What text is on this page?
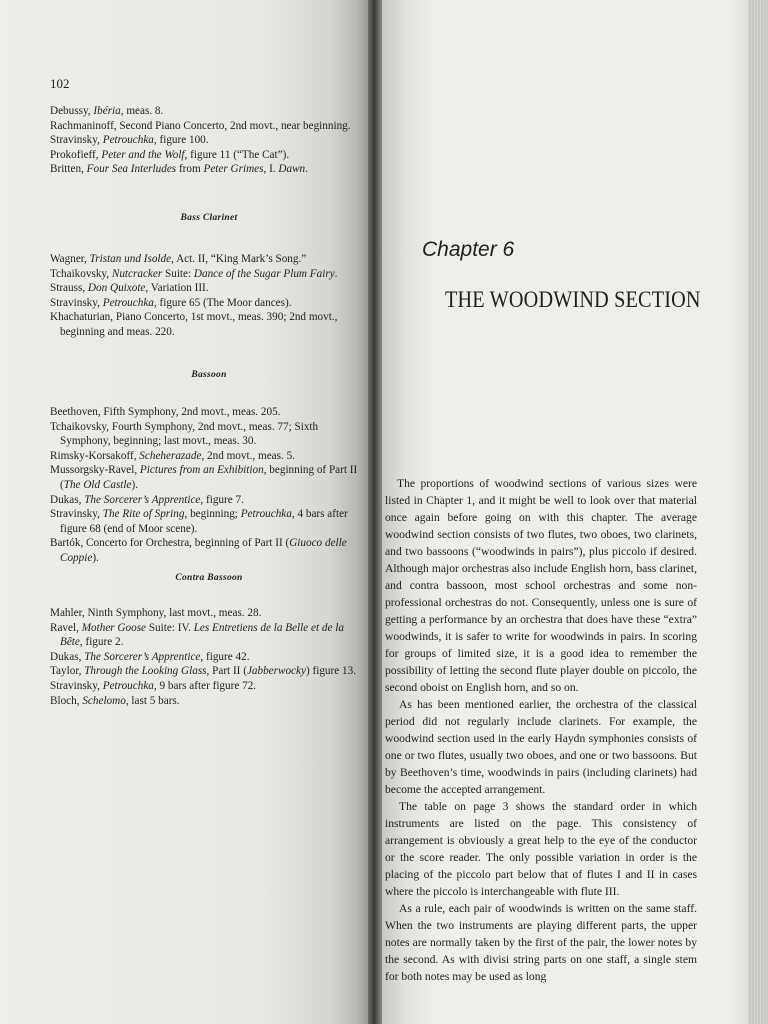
102

Debussy, Ibéria, meas. 8.

Rachmaninoff, Second Piano Concerto, 2nd movt., near beginning.

Stravinsky, Petrouchka, figure 100.

Prokofieff, Peter and the Wolf, figure 11 (“The Cat”).

Britten, Four Sea Interludes from Peter Grimes, I. Dawn.

Bass Clarinet

Wagner, Tristan und Isolde, Act. II, “King Mark’s Song.”

Tchaikovsky, Nutcracker Suite: Dance of the Sugar Plum Fairy.

Strauss, Don Quixote, Variation III.

Stravinsky, Petrouchka, figure 65 (The Moor dances).

Khachaturian, Piano Concerto, 1st movt., meas. 390; 2nd movt., beginning and meas. 220.

Bassoon

Beethoven, Fifth Symphony, 2nd movt., meas. 205.

Tchaikovsky, Fourth Symphony, 2nd movt., meas. 77; Sixth Symphony, beginning; last movt., meas. 30.

Rimsky-Korsakoff, Scheherazade, 2nd movt., meas. 5.

Mussorgsky-Ravel, Pictures from an Exhibition, beginning of Part II (The Old Castle).

Dukas, The Sorcerer’s Apprentice, figure 7.

Stravinsky, The Rite of Spring, beginning; Petrouchka, 4 bars after figure 68 (end of Moor scene).

Bartók, Concerto for Orchestra, beginning of Part II (Giuoco delle Coppie).

Contra Bassoon

Mahler, Ninth Symphony, last movt., meas. 28.

Ravel, Mother Goose Suite: IV. Les Entretiens de la Belle et de la Bête, figure 2.

Dukas, The Sorcerer’s Apprentice, figure 42.

Taylor, Through the Looking Glass, Part II (Jabberwocky) figure 13.

Stravinsky, Petrouchka, 9 bars after figure 72.

Bloch, Schelomo, last 5 bars.

Chapter 6
THE WOODWIND SECTION

The proportions of woodwind sections of various sizes were listed in Chapter 1, and it might be well to look over that material once again before going on with this chapter. The average woodwind section consists of two flutes, two oboes, two clarinets, and two bassoons (“woodwinds in pairs”), plus piccolo if desired. Although major orchestras also include English horn, bass clarinet, and contra bassoon, most school orchestras and some non-professional orchestras do not. Consequently, unless one is sure of getting a performance by an orchestra that does have these “extra” woodwinds, it is safer to write for woodwinds in pairs. In scoring for groups of limited size, it is a good idea to remember the possibility of letting the second flute player double on piccolo, the second oboist on English horn, and so on.

As has been mentioned earlier, the orchestra of the classical period did not regularly include clarinets. For example, the woodwind section used in the early Haydn symphonies consists of one or two flutes, usually two oboes, and one or two bassoons. But by Beethoven’s time, woodwinds in pairs (including clarinets) had become the accepted arrangement.

The table on page 3 shows the standard order in which instruments are listed on the page. This consistency of arrangement is obviously a great help to the eye of the conductor or the score reader. The only possible variation in order is the placing of the piccolo part below that of flutes I and II in cases where the piccolo is interchangeable with flute III.

As a rule, each pair of woodwinds is written on the same staff. When the two instruments are playing different parts, the upper notes are normally taken by the first of the pair, the lower notes by the second. As with divisi string parts on one staff, a single stem for both notes may be used as long
